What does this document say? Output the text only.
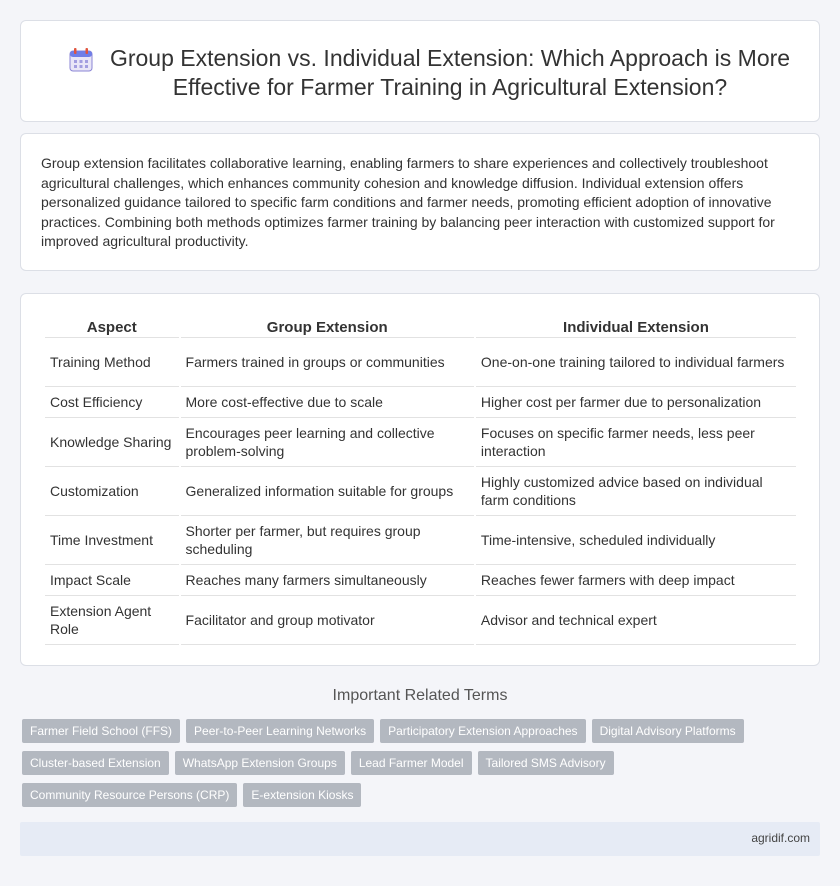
Group Extension vs. Individual Extension: Which Approach is More Effective for Farmer Training in Agricultural Extension?

Group extension facilitates collaborative learning, enabling farmers to share experiences and collectively troubleshoot agricultural challenges, which enhances community cohesion and knowledge diffusion. Individual extension offers personalized guidance tailored to specific farm conditions and farmer needs, promoting efficient adoption of innovative practices. Combining both methods optimizes farmer training by balancing peer interaction with customized support for improved agricultural productivity.

Aspect	Group Extension	Individual Extension
Training Method	Farmers trained in groups or communities	One-on-one training tailored to individual farmers
Cost Efficiency	More cost-effective due to scale	Higher cost per farmer due to personalization
Knowledge Sharing	Encourages peer learning and collective problem-solving	Focuses on specific farmer needs, less peer interaction
Customization	Generalized information suitable for groups	Highly customized advice based on individual farm conditions
Time Investment	Shorter per farmer, but requires group scheduling	Time-intensive, scheduled individually
Impact Scale	Reaches many farmers simultaneously	Reaches fewer farmers with deep impact
Extension Agent Role	Facilitator and group motivator	Advisor and technical expert
Important Related Terms
Farmer Field School (FFS)	Peer-to-Peer Learning Networks	Participatory Extension Approaches	Digital Advisory Platforms
Cluster-based Extension	WhatsApp Extension Groups	Lead Farmer Model	Tailored SMS Advisory
Community Resource Persons (CRP)	E-extension Kiosks
agridif.com
